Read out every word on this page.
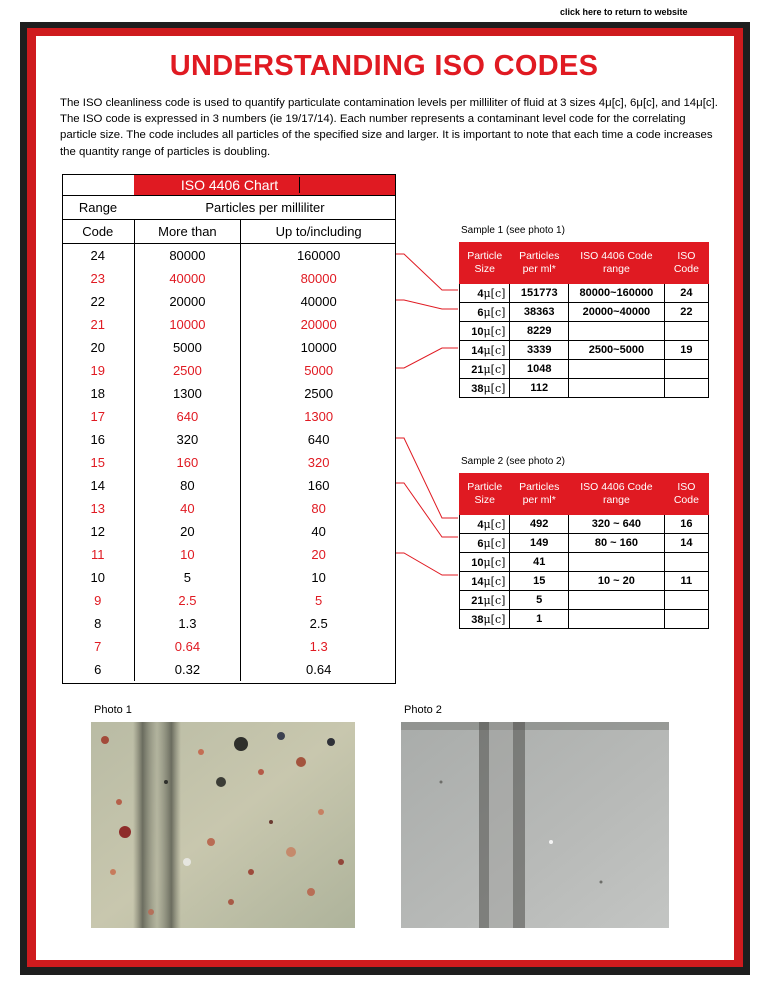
click here to return to website
UNDERSTANDING ISO CODES
The ISO cleanliness code is used to quantify particulate contamination levels per milliliter of fluid at 3 sizes 4μ[c], 6μ[c], and 14μ[c]. The ISO code is expressed in 3 numbers (ie 19/17/14). Each number represents a contaminant level code for the correlating particle size. The code includes all particles of the specified size and larger. It is important to note that each time a code increases the quantity range of particles is doubling.
	ISO 4406 Chart	
Range	Particles per milliliter	
Code	More than	Up to/including
24	80000	160000
23	40000	80000
22	20000	40000
21	10000	20000
20	5000	10000
19	2500	5000
18	1300	2500
17	640	1300
16	320	640
15	160	320
14	80	160
13	40	80
12	20	40
11	10	20
10	5	10
9	2.5	5
8	1.3	2.5
7	0.64	1.3
6	0.32	0.64
Sample 1 (see photo 1)
Particle Size	Particles per ml*	ISO 4406 Code range	ISO Code
4μ[c]	151773	80000~160000	24
6μ[c]	38363	20000~40000	22
10μ[c]	8229		
14μ[c]	3339	2500~5000	19
21μ[c]	1048		
38μ[c]	112		
Sample 2 (see photo 2)
Particle Size	Particles per ml*	ISO 4406 Code range	ISO Code
4μ[c]	492	320 ~ 640	16
6μ[c]	149	80 ~ 160	14
10μ[c]	41		
14μ[c]	15	10 ~ 20	11
21μ[c]	5		
38μ[c]	1		
Photo 1	Photo 2
